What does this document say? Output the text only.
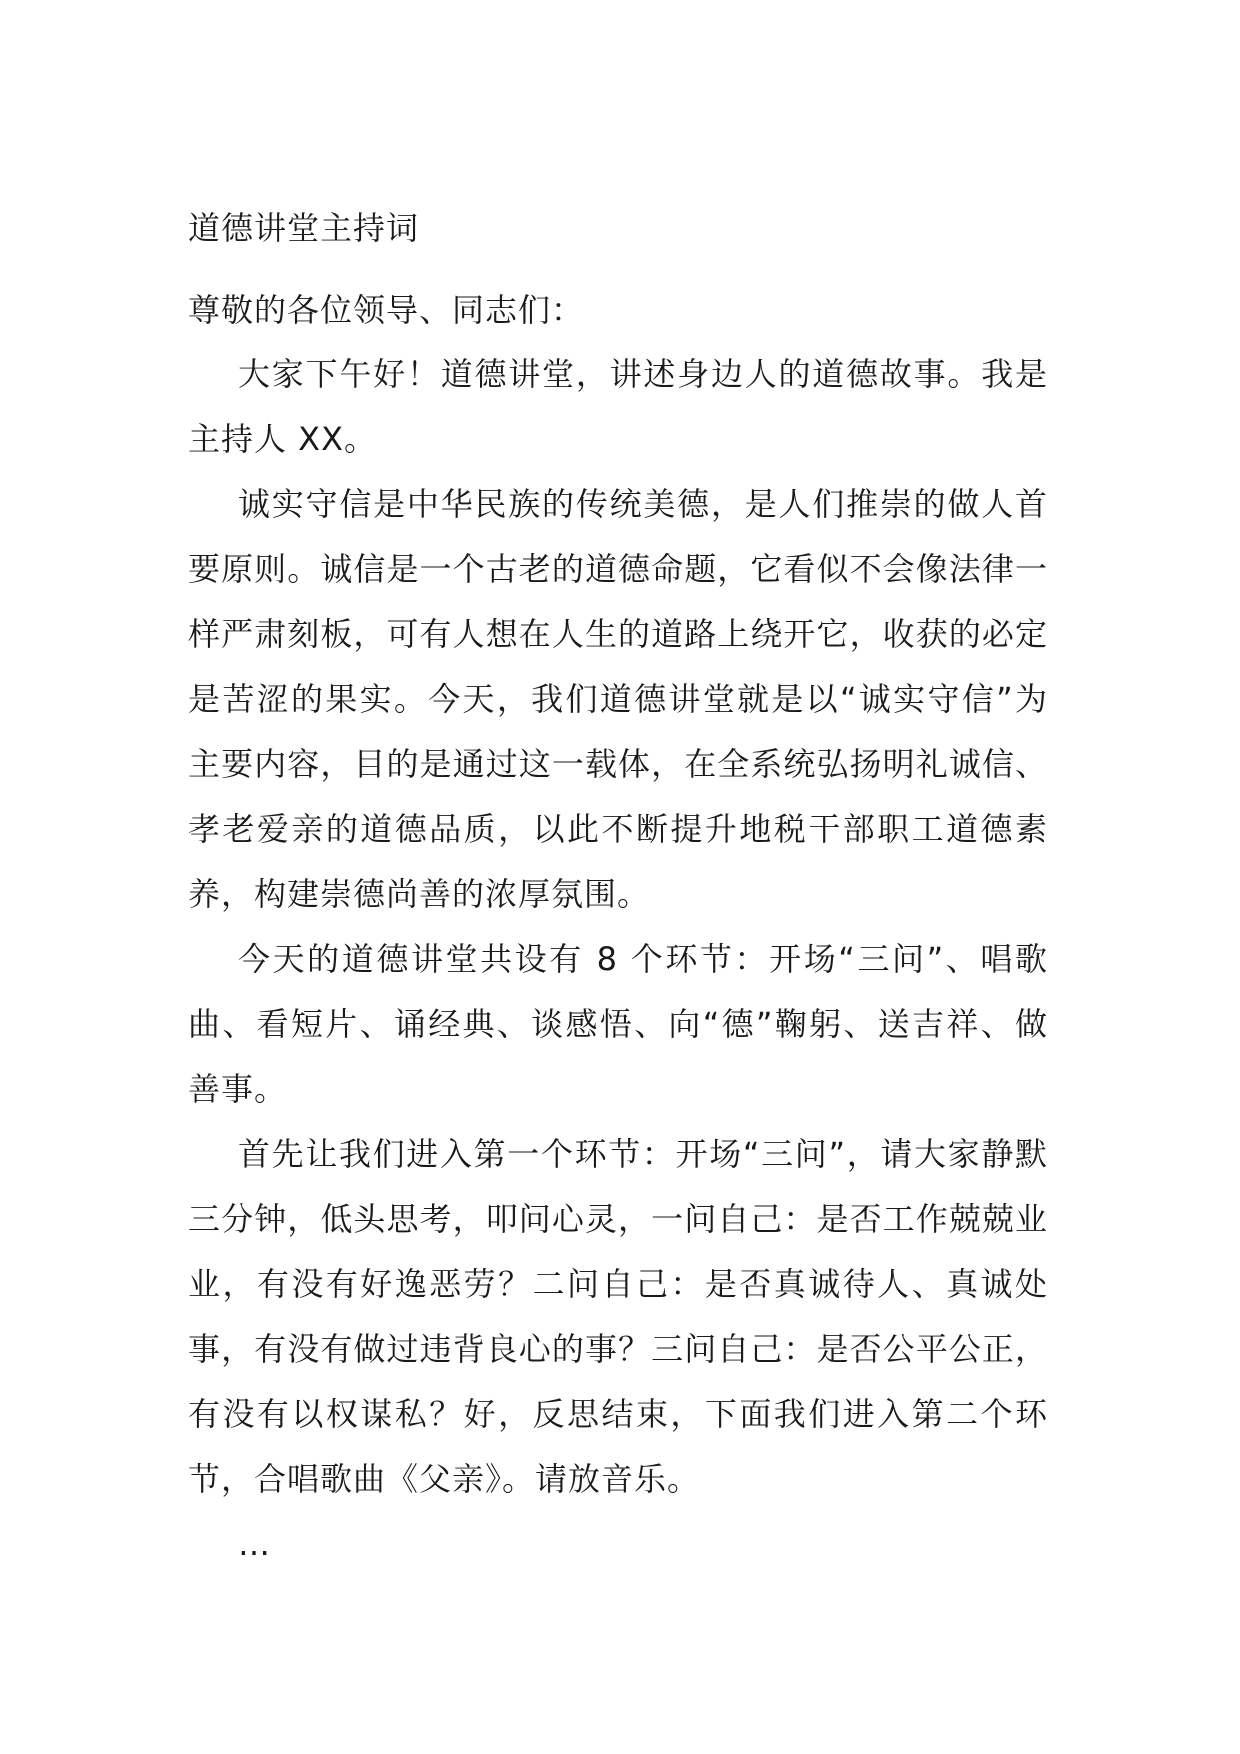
道德讲堂主持词

尊敬的各位领导、同志们：

大家下午好！道德讲堂，讲述身边人的道德故事。我是主持人 XX。

诚实守信是中华民族的传统美德，是人们推崇的做人首要原则。诚信是一个古老的道德命题，它看似不会像法律一样严肃刻板，可有人想在人生的道路上绕开它，收获的必定是苦涩的果实。今天，我们道德讲堂就是以“诚实守信”为主要内容，目的是通过这一载体，在全系统弘扬明礼诚信、孝老爱亲的道德品质，以此不断提升地税干部职工道德素养，构建崇德尚善的浓厚氛围。

今天的道德讲堂共设有 8 个环节：开场“三问”、唱歌曲、看短片、诵经典、谈感悟、向“德”鞠躬、送吉祥、做善事。

首先让我们进入第一个环节：开场“三问”，请大家静默三分钟，低头思考，叩问心灵，一问自己：是否工作兢兢业业，有没有好逸恶劳？二问自己：是否真诚待人、真诚处事，有没有做过违背良心的事？三问自己：是否公平公正，有没有以权谋私？好，反思结束，下面我们进入第二个环节，合唱歌曲《父亲》。请放音乐。

…
